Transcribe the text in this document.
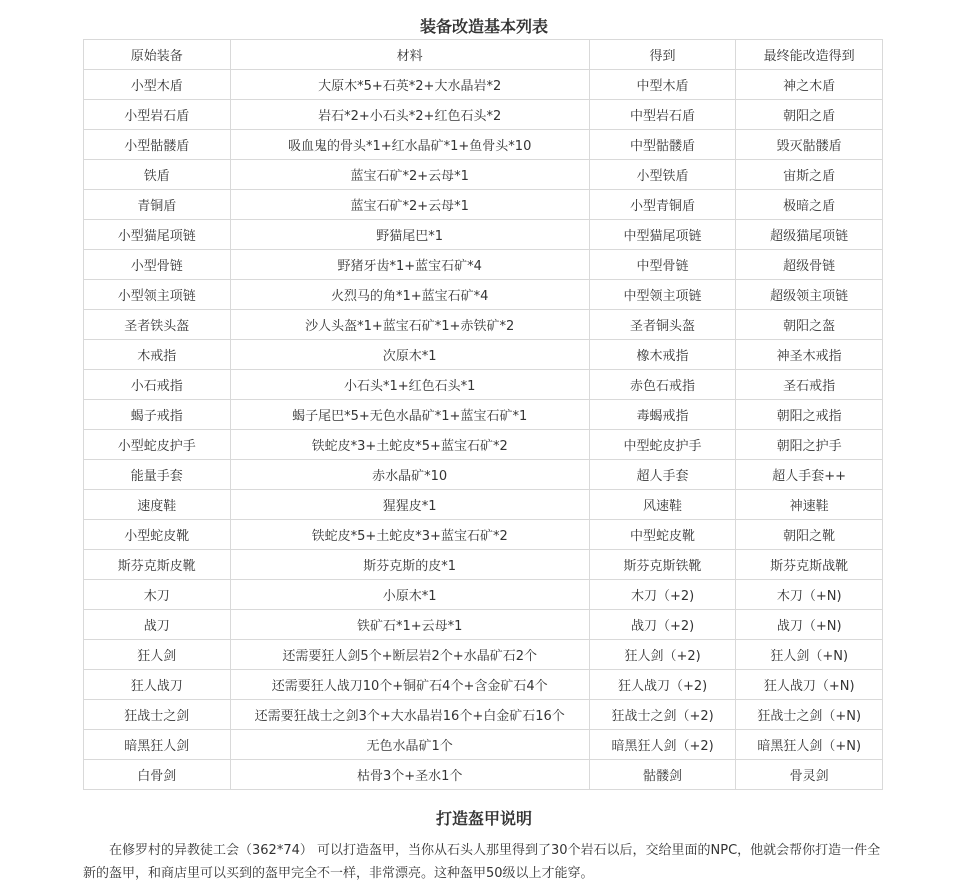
装备改造基本列表
原始装备	材料	得到	最终能改造得到
小型木盾	大原木*5+石英*2+大水晶岩*2	中型木盾	神之木盾
小型岩石盾	岩石*2+小石头*2+红色石头*2	中型岩石盾	朝阳之盾
小型骷髅盾	吸血鬼的骨头*1+红水晶矿*1+鱼骨头*10	中型骷髅盾	毁灭骷髅盾
铁盾	蓝宝石矿*2+云母*1	小型铁盾	宙斯之盾
青铜盾	蓝宝石矿*2+云母*1	小型青铜盾	极暗之盾
小型猫尾项链	野猫尾巴*1	中型猫尾项链	超级猫尾项链
小型骨链	野猪牙齿*1+蓝宝石矿*4	中型骨链	超级骨链
小型领主项链	火烈马的角*1+蓝宝石矿*4	中型领主项链	超级领主项链
圣者铁头盔	沙人头盔*1+蓝宝石矿*1+赤铁矿*2	圣者铜头盔	朝阳之盔
木戒指	次原木*1	橡木戒指	神圣木戒指
小石戒指	小石头*1+红色石头*1	赤色石戒指	圣石戒指
蝎子戒指	蝎子尾巴*5+无色水晶矿*1+蓝宝石矿*1	毒蝎戒指	朝阳之戒指
小型蛇皮护手	铁蛇皮*3+土蛇皮*5+蓝宝石矿*2	中型蛇皮护手	朝阳之护手
能量手套	赤水晶矿*10	超人手套	超人手套++
速度鞋	猩猩皮*1	风速鞋	神速鞋
小型蛇皮靴	铁蛇皮*5+土蛇皮*3+蓝宝石矿*2	中型蛇皮靴	朝阳之靴
斯芬克斯皮靴	斯芬克斯的皮*1	斯芬克斯铁靴	斯芬克斯战靴
木刀	小原木*1	木刀（+2)	木刀（+N)
战刀	铁矿石*1+云母*1	战刀（+2)	战刀（+N)
狂人剑	还需要狂人剑5个+断层岩2个+水晶矿石2个	狂人剑（+2)	狂人剑（+N)
狂人战刀	还需要狂人战刀10个+铜矿石4个+含金矿石4个	狂人战刀（+2)	狂人战刀（+N)
狂战士之剑	还需要狂战士之剑3个+大水晶岩16个+白金矿石16个	狂战士之剑（+2)	狂战士之剑（+N)
暗黑狂人剑	无色水晶矿1个	暗黑狂人剑（+2)	暗黑狂人剑（+N)
白骨剑	枯骨3个+圣水1个	骷髅剑	骨灵剑
打造盔甲说明

在修罗村的异教徒工会（362*74） 可以打造盔甲，当你从石头人那里得到了30个岩石以后，交给里面的NPC，他就会帮你打造一件全新的盔甲，和商店里可以买到的盔甲完全不一样，非常漂亮。这种盔甲50级以上才能穿。
